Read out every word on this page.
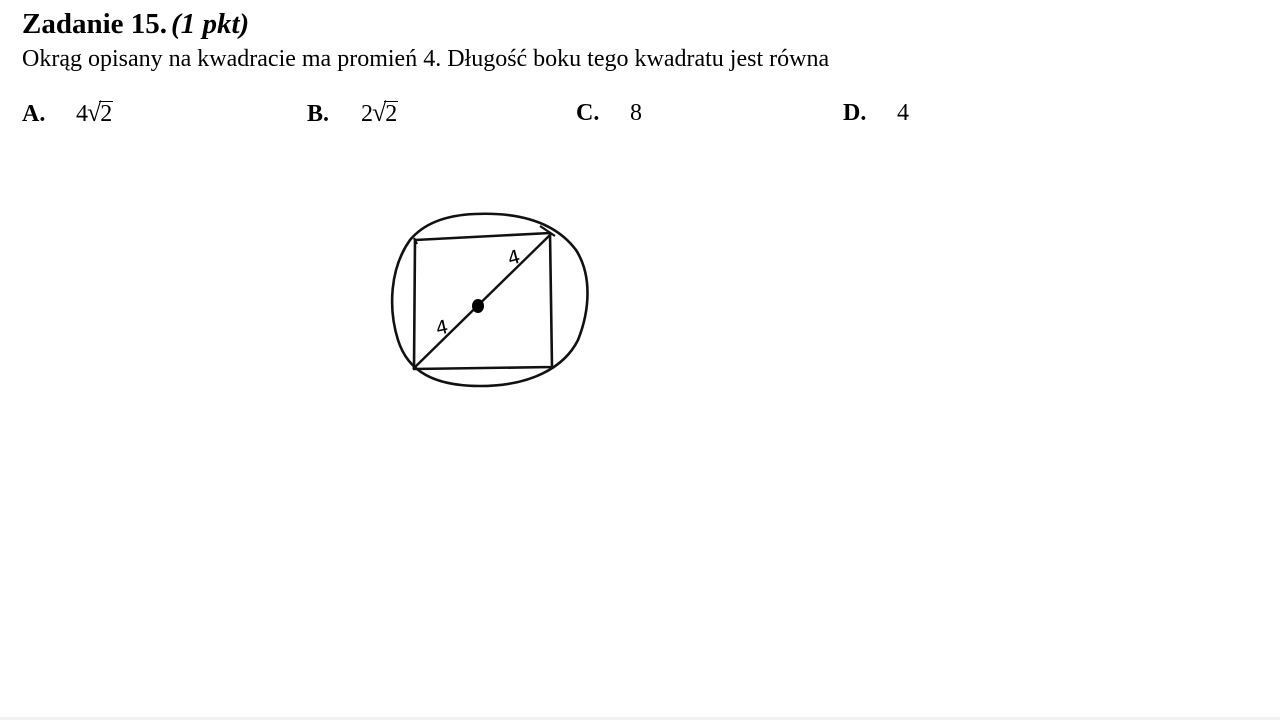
Zadanie 15. (1 pkt)
Okrąg opisany na kwadracie ma promień 4. Długość boku tego kwadratu jest równa
A. 4√2	B. 2√2	C. 8	D. 4
4
4
